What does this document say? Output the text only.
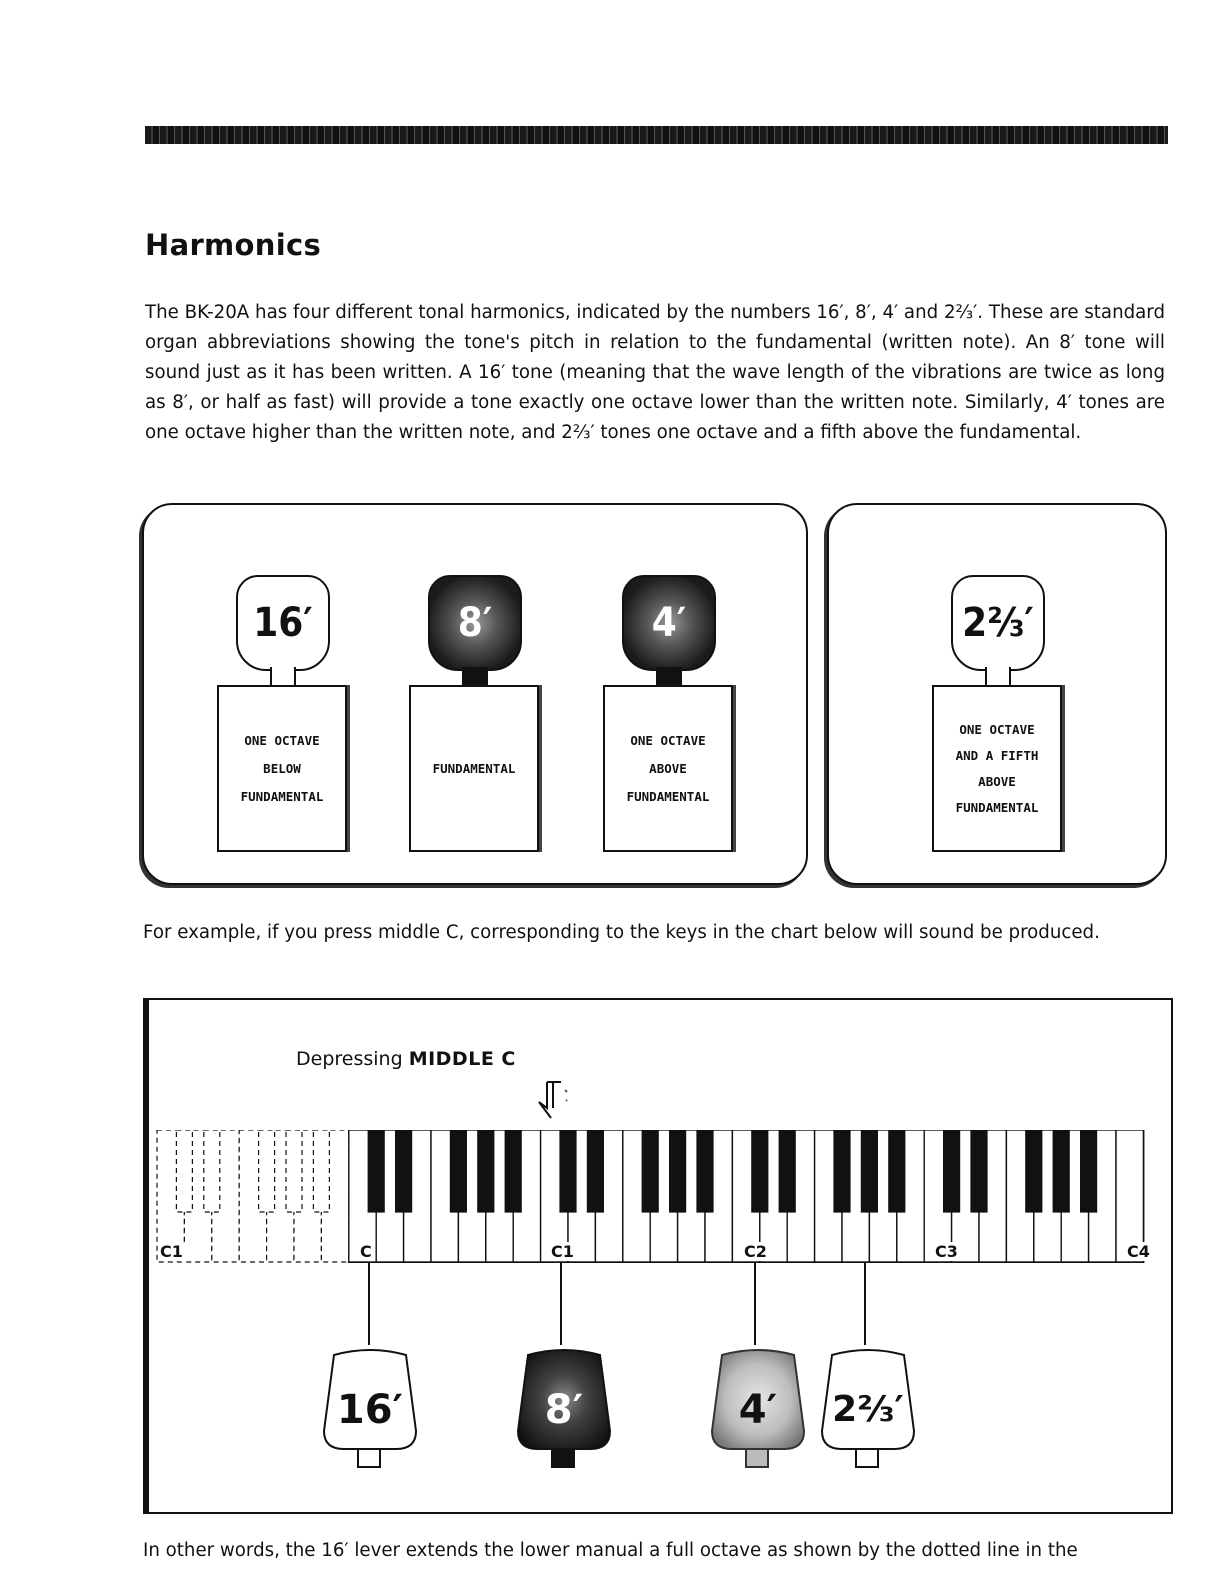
Harmonics

The BK-20A has four different tonal harmonics, indicated by the numbers 16′, 8′, 4′ and 2⅔′. These are standard organ abbreviations showing the tone's pitch in relation to the fundamental (written note). An 8′ tone will sound just as it has been written. A 16′ tone (meaning that the wave length of the vibrations are twice as long as 8′, or half as fast) will provide a tone exactly one octave lower than the written note. Similarly, 4′ tones are one octave higher than the written note, and 2⅔′ tones one octave and a fifth above the fundamental.

16′
ONE OCTAVE
BELOW
FUNDAMENTAL
8′
FUNDAMENTAL
4′
ONE OCTAVE
ABOVE
FUNDAMENTAL
2⅔′
ONE OCTAVE
AND A FIFTH
ABOVE
FUNDAMENTAL

For example, if you press middle C, corresponding to the keys in the chart below will sound be produced.

Depressing MIDDLE C

C1	C	C1	C2	C3	C4
16′	8′	4′ 2⅔′

In other words, the 16′ lever extends the lower manual a full octave as shown by the dotted line in the
